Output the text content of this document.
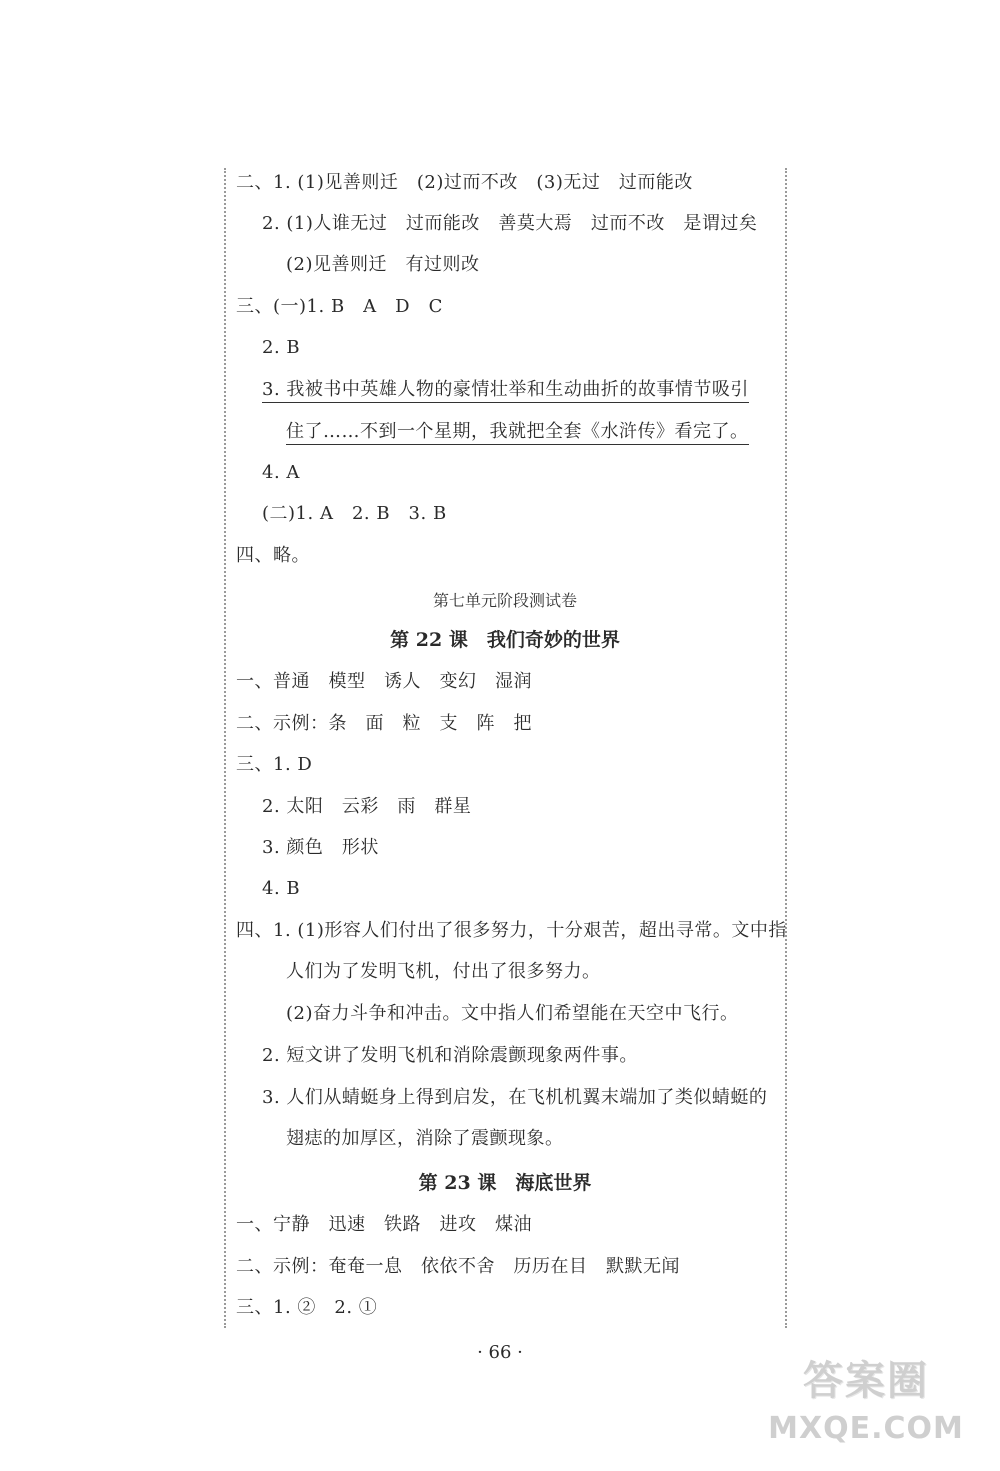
二、1. (1)见善则迁　(2)过而不改　(3)无过　过而能改
2. (1)人谁无过　过而能改　善莫大焉　过而不改　是谓过矣
(2)见善则迁　有过则改
三、(一)1. B　A　D　C
2. B
3. 我被书中英雄人物的豪情壮举和生动曲折的故事情节吸引
住了……不到一个星期，我就把全套《水浒传》看完了。
4. A
(二)1. A　2. B　3. B
四、略。
第七单元阶段测试卷
第 22 课　我们奇妙的世界
一、普通　模型　诱人　变幻　湿润
二、示例：条　面　粒　支　阵　把
三、1. D
2. 太阳　云彩　雨　群星
3. 颜色　形状
4. B
四、1. (1)形容人们付出了很多努力，十分艰苦，超出寻常。文中指
人们为了发明飞机，付出了很多努力。
(2)奋力斗争和冲击。文中指人们希望能在天空中飞行。
2. 短文讲了发明飞机和消除震颤现象两件事。
3. 人们从蜻蜓身上得到启发，在飞机机翼末端加了类似蜻蜓的
翅痣的加厚区，消除了震颤现象。
第 23 课　海底世界
一、宁静　迅速　铁路　进攻　煤油
二、示例：奄奄一息　依依不舍　历历在目　默默无闻
三、1. ②　2. ①
· 66 ·
答案圈
MXQE.COM
